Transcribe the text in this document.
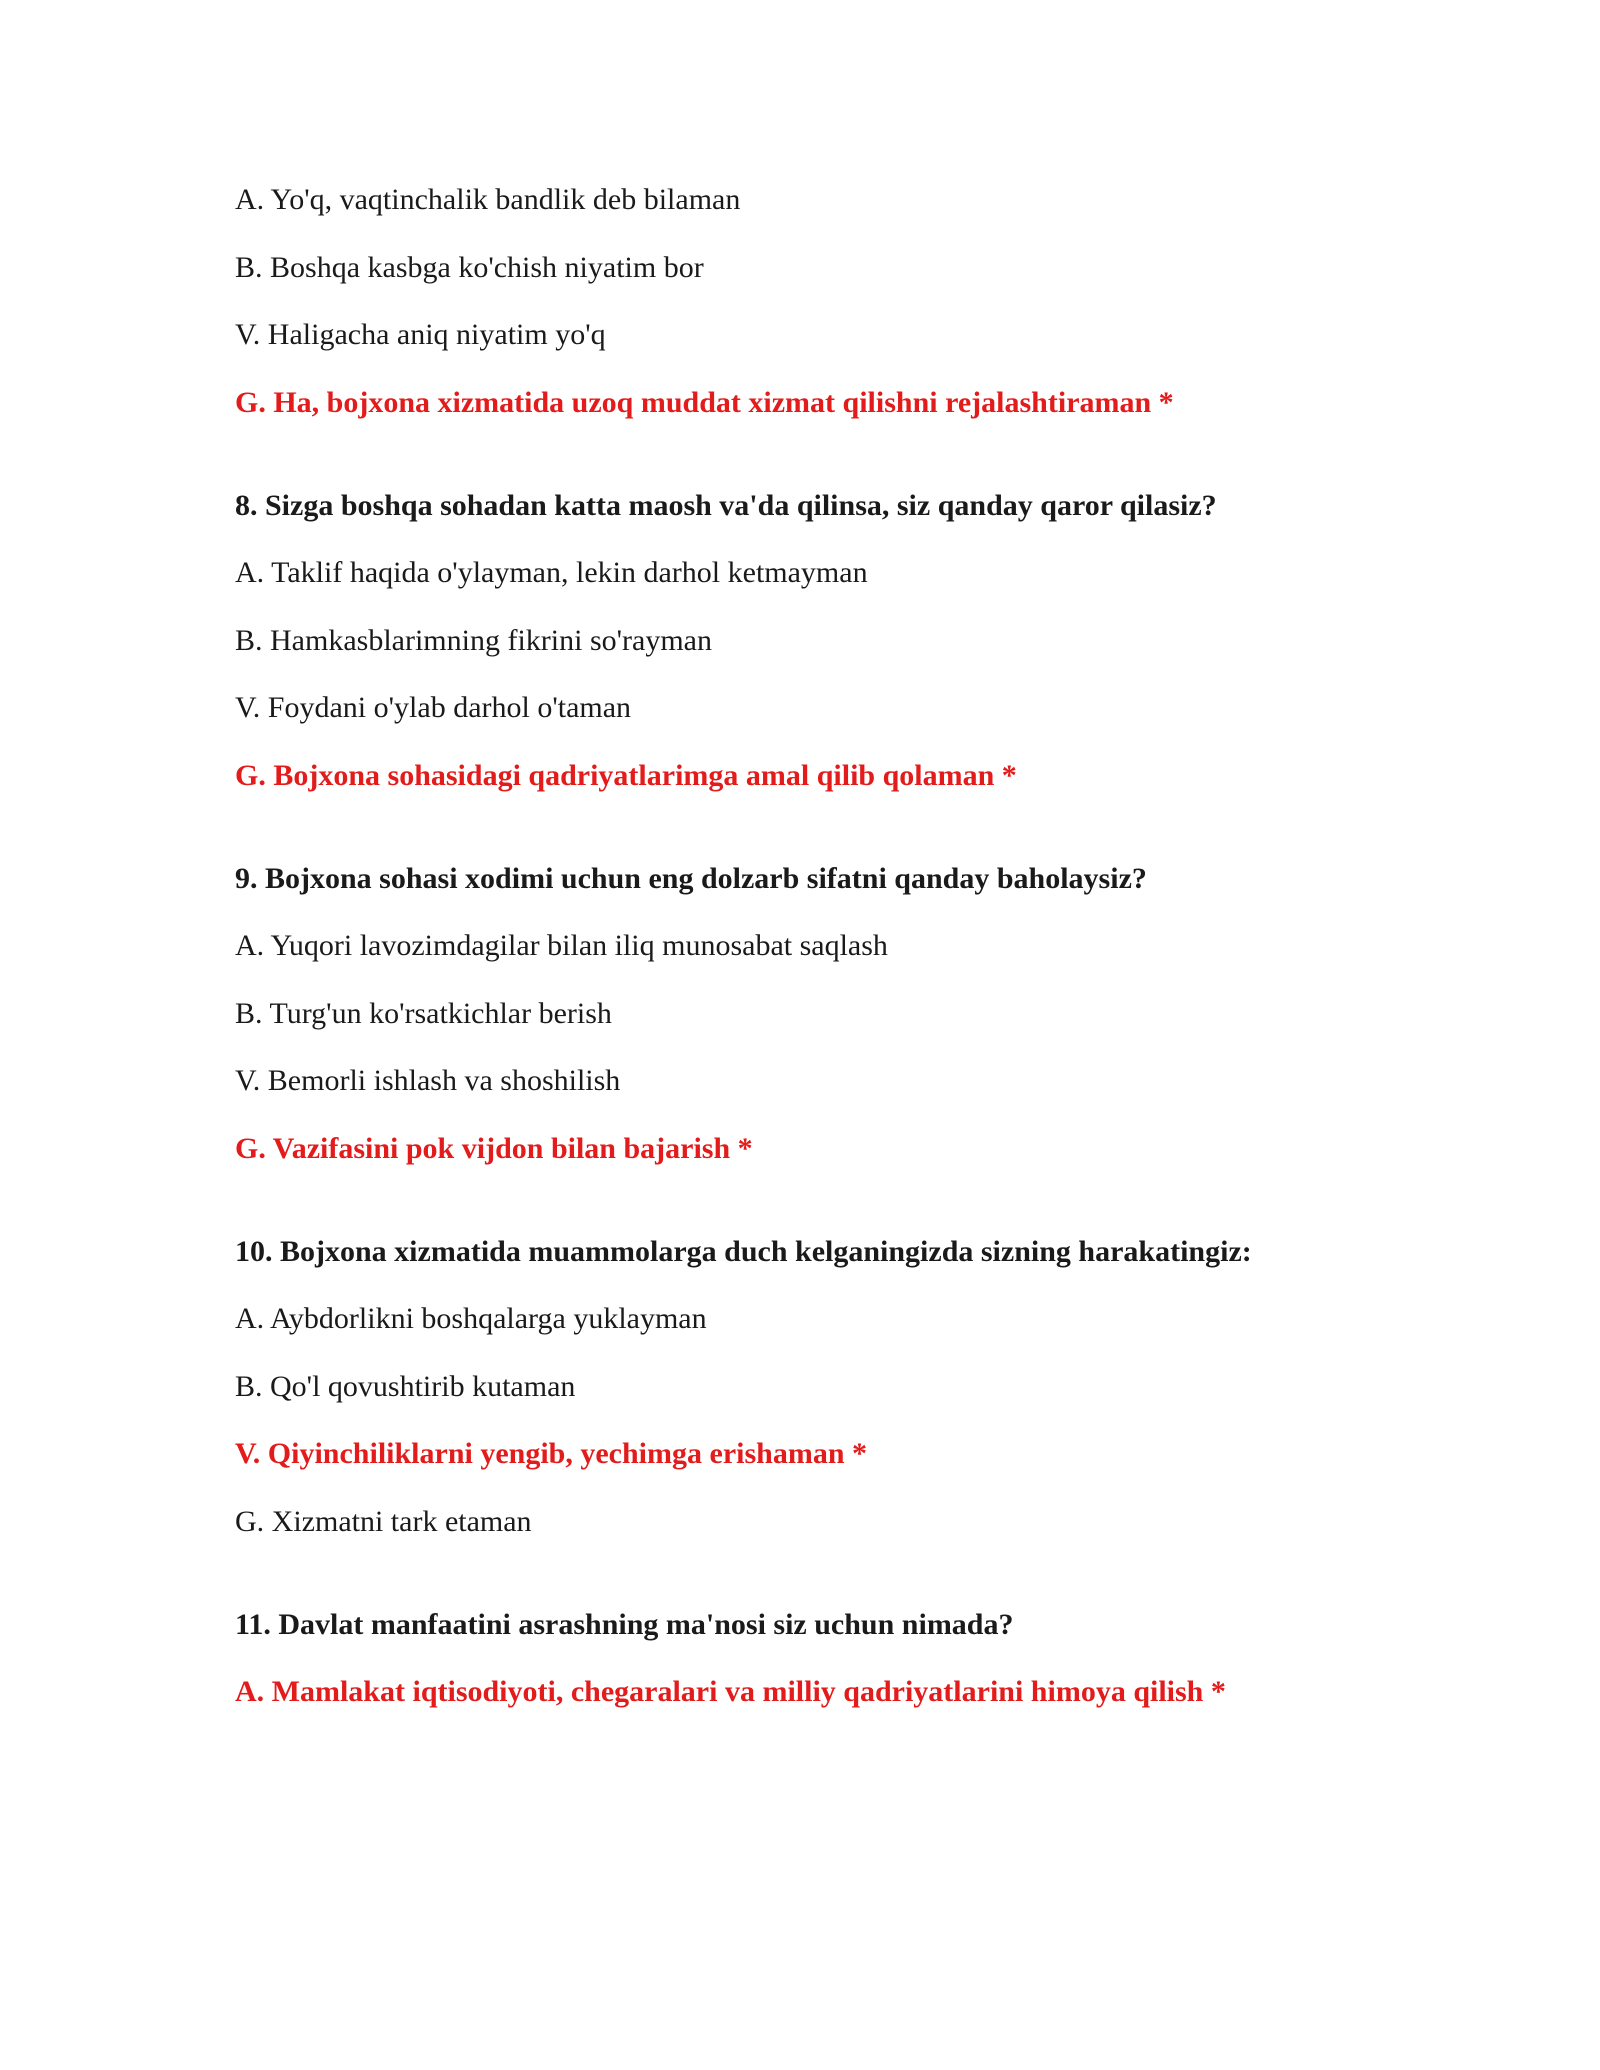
A. Yo'q, vaqtinchalik bandlik deb bilaman
B. Boshqa kasbga ko'chish niyatim bor
V. Haligacha aniq niyatim yo'q
G. Ha, bojxona xizmatida uzoq muddat xizmat qilishni rejalashtiraman *
8. Sizga boshqa sohadan katta maosh va'da qilinsa, siz qanday qaror qilasiz?
A. Taklif haqida o'ylayman, lekin darhol ketmayman
B. Hamkasblarimning fikrini so'rayman
V. Foydani o'ylab darhol o'taman
G. Bojxona sohasidagi qadriyatlarimga amal qilib qolaman *
9. Bojxona sohasi xodimi uchun eng dolzarb sifatni qanday baholaysiz?
A. Yuqori lavozimdagilar bilan iliq munosabat saqlash
B. Turg'un ko'rsatkichlar berish
V. Bemorli ishlash va shoshilish
G. Vazifasini pok vijdon bilan bajarish *
10. Bojxona xizmatida muammolarga duch kelganingizda sizning harakatingiz:
A. Aybdorlikni boshqalarga yuklayman
B. Qo'l qovushtirib kutaman
V. Qiyinchiliklarni yengib, yechimga erishaman *
G. Xizmatni tark etaman
11. Davlat manfaatini asrashning ma'nosi siz uchun nimada?
A. Mamlakat iqtisodiyoti, chegaralari va milliy qadriyatlarini himoya qilish *
